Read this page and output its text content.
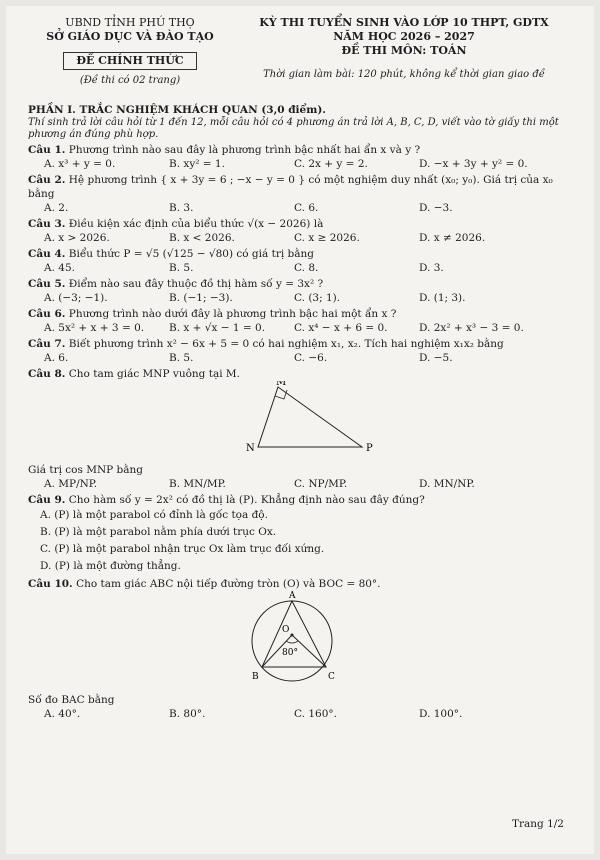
UBND TỈNH PHÚ THỌ
SỞ GIÁO DỤC VÀ ĐÀO TẠO
ĐỀ CHÍNH THỨC
(Đề thi có 02 trang)
KỲ THI TUYỂN SINH VÀO LỚP 10 THPT, GDTX
NĂM HỌC 2026 – 2027
ĐỀ THI MÔN: TOÁN
Thời gian làm bài: 120 phút, không kể thời gian giao đề
PHẦN I. TRẮC NGHIỆM KHÁCH QUAN (3,0 điểm).
Thí sinh trả lời câu hỏi từ 1 đến 12, mỗi câu hỏi có 4 phương án trả lời A, B, C, D, viết vào tờ giấy thi một phương án đúng phù hợp.
Câu 1. Phương trình nào sau đây là phương trình bậc nhất hai ẩn x và y ?
A. x³ + y = 0.	B. xy² = 1.	C. 2x + y = 2.	D. −x + 3y + y² = 0.
Câu 2. Hệ phương trình { x + 3y = 6 ; −x − y = 0 } có một nghiệm duy nhất (x₀; y₀). Giá trị của x₀ bằng
A. 2.	B. 3.	C. 6.	D. −3.
Câu 3. Điều kiện xác định của biểu thức √(x − 2026) là
A. x > 2026.	B. x < 2026.	C. x ≥ 2026.	D. x ≠ 2026.
Câu 4. Biểu thức P = √5 (√125 − √80) có giá trị bằng
A. 45.	B. 5.	C. 8.	D. 3.
Câu 5. Điểm nào sau đây thuộc đồ thị hàm số y = 3x² ?
A. (−3; −1).	B. (−1; −3).	C. (3; 1).	D. (1; 3).
Câu 6. Phương trình nào dưới đây là phương trình bậc hai một ẩn x ?
A. 5x² + x + 3 = 0.	B. x + √x − 1 = 0.	C. x⁴ − x + 6 = 0.	D. 2x² + x³ − 3 = 0.
Câu 7. Biết phương trình x² − 6x + 5 = 0 có hai nghiệm x₁, x₂. Tích hai nghiệm x₁x₂ bằng
A. 6.	B. 5.	C. −6.	D. −5.
Câu 8. Cho tam giác MNP vuông tại M.
M
N	P
Giá trị cos MNP bằng
A. MP/NP.	B. MN/MP.	C. NP/MP.	D. MN/NP.
Câu 9. Cho hàm số y = 2x² có đồ thị là (P). Khẳng định nào sau đây đúng?
A. (P) là một parabol có đỉnh là gốc tọa độ.
B. (P) là một parabol nằm phía dưới trục Ox.
C. (P) là một parabol nhận trục Ox làm trục đối xứng.
D. (P) là một đường thẳng.
Câu 10. Cho tam giác ABC nội tiếp đường tròn (O) và BOC = 80°.
A
O
B	C
80°
Số đo BAC bằng
A. 40°.	B. 80°.	C. 160°.	D. 100°.
Trang 1/2
